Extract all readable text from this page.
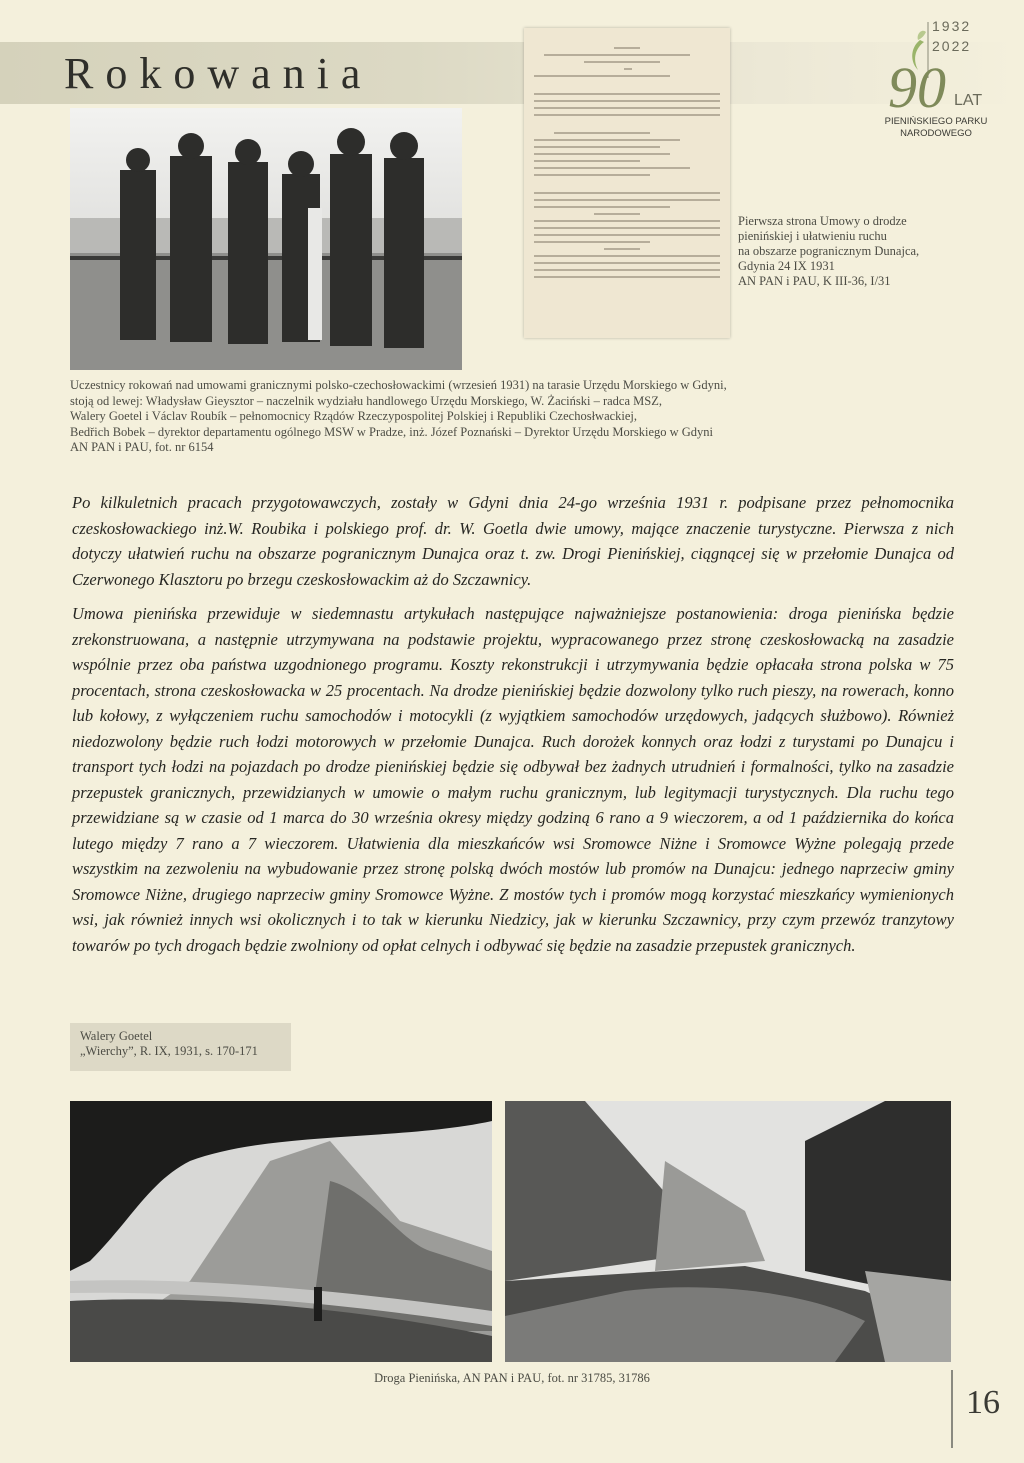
Rokowania
1932
2022
90 LAT
PIENIŃSKIEGO PARKU
NARODOWEGO
Pierwsza strona Umowy o drodze
pienińskiej i ułatwieniu ruchu
na obszarze pogranicznym Dunajca,
Gdynia 24 IX 1931
AN PAN i PAU, K III-36, I/31
Uczestnicy rokowań nad umowami granicznymi polsko-czechosłowackimi (wrzesień 1931) na tarasie Urzędu Morskiego w Gdyni,
stoją od lewej: Władysław Gieysztor – naczelnik wydziału handlowego Urzędu Morskiego, W. Żaciński – radca MSZ,
Walery Goetel i Václav Roubík – pełnomocnicy Rządów Rzeczypospolitej Polskiej i Republiki Czechosłwackiej,
Bedřich Bobek – dyrektor departamentu ogólnego MSW w Pradze, inż. Józef Poznański – Dyrektor Urzędu Morskiego w Gdyni
AN PAN i PAU, fot. nr 6154

Po kilkuletnich pracach przygotowawczych, zostały w Gdyni dnia 24-go września 1931 r. podpisane przez pełnomocnika czeskosłowackiego inż.W. Roubika i polskiego prof. dr. W. Goetla dwie umowy, mające znaczenie turystyczne. Pierwsza z nich dotyczy ułatwień ruchu na obszarze pogranicznym Dunajca oraz t. zw. Drogi Pienińskiej, ciągnącej się w przełomie Dunajca od Czerwonego Klasztoru po brzegu czeskosłowackim aż do Szczawnicy.

Umowa pienińska przewiduje w siedemnastu artykułach następujące najważniejsze postanowienia: droga pienińska będzie zrekonstruowana, a następnie utrzymywana na podstawie projektu, wypracowanego przez stronę czeskosłowacką na zasadzie wspólnie przez oba państwa uzgodnionego programu. Koszty rekonstrukcji i utrzymywania będzie opłacała strona polska w 75 procentach, strona czeskosłowacka w 25 procentach. Na drodze pienińskiej będzie dozwolony tylko ruch pieszy, na rowerach, konno lub kołowy, z wyłączeniem ruchu samochodów i motocykli (z wyjątkiem samochodów urzędowych, jadących służbowo). Również niedozwolony będzie ruch łodzi motorowych w przełomie Dunajca. Ruch dorożek konnych oraz łodzi z turystami po Dunajcu i transport tych łodzi na pojazdach po drodze pienińskiej będzie się odbywał bez żadnych utrudnień i formalności, tylko na zasadzie przepustek granicznych, przewidzianych w umowie o małym ruchu granicznym, lub legitymacji turystycznych. Dla ruchu tego przewidziane są w czasie od 1 marca do 30 września okresy między godziną 6 rano a 9 wieczorem, a od 1 października do końca lutego między 7 rano a 7 wieczorem. Ułatwienia dla mieszkańców wsi Sromowce Niżne i Sromowce Wyżne polegają przede wszystkim na zezwoleniu na wybudowanie przez stronę polską dwóch mostów lub promów na Dunajcu: jednego naprzeciw gminy Sromowce Niżne, drugiego naprzeciw gminy Sromowce Wyżne. Z mostów tych i promów mogą korzystać mieszkańcy wymienionych wsi, jak również innych wsi okolicznych i to tak w kierunku Niedzicy, jak w kierunku Szczawnicy, przy czym przewóz tranzytowy towarów po tych drogach będzie zwolniony od opłat celnych i odbywać się będzie na zasadzie przepustek granicznych.

Walery Goetel
„Wierchy”, R. IX, 1931, s. 170-171
Droga Pienińska, AN PAN i PAU, fot. nr 31785, 31786
16
